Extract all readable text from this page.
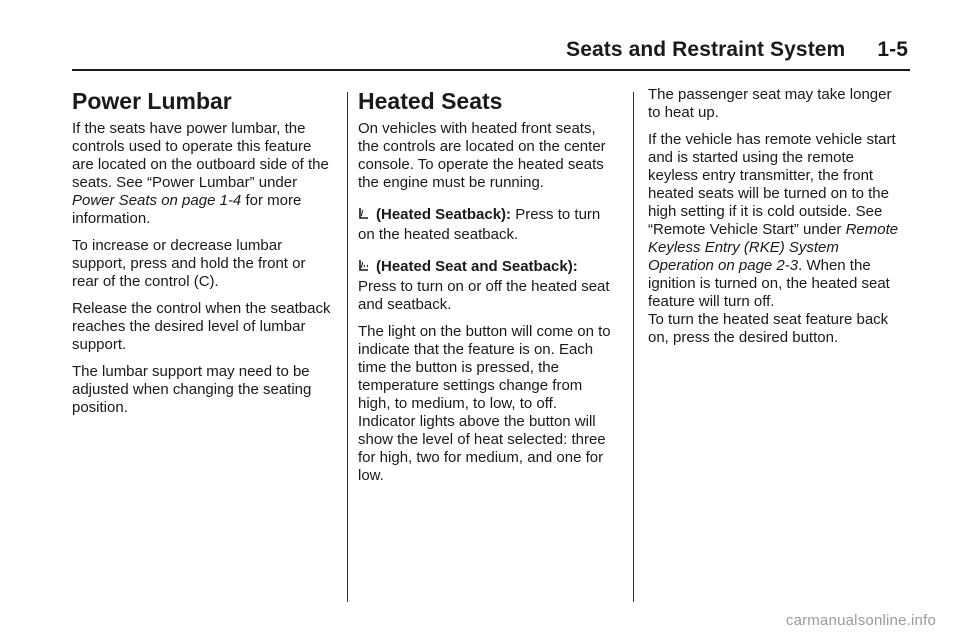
Seats and Restraint System 1-5
Power Lumbar

If the seats have power lumbar, the controls used to operate this feature are located on the outboard side of the seats. See “Power Lumbar” under Power Seats on page 1-4 for more information.

To increase or decrease lumbar support, press and hold the front or rear of the control (C).

Release the control when the seatback reaches the desired level of lumbar support.

The lumbar support may need to be adjusted when changing the seating position.

Heated Seats

On vehicles with heated front seats, the controls are located on the center console. To operate the heated seats the engine must be running.

(Heated Seatback): Press to turn on the heated seatback.

(Heated Seat and Seatback):
Press to turn on or off the heated seat and seatback.

The light on the button will come on to indicate that the feature is on. Each time the button is pressed, the temperature settings change from high, to medium, to low, to off. Indicator lights above the button will show the level of heat selected: three for high, two for medium, and one for low.

The passenger seat may take longer to heat up.

If the vehicle has remote vehicle start and is started using the remote keyless entry transmitter, the front heated seats will be turned on to the high setting if it is cold outside. See “Remote Vehicle Start” under Remote Keyless Entry (RKE) System Operation on page 2-3. When the ignition is turned on, the heated seat feature will turn off.

To turn the heated seat feature back on, press the desired button.

carmanualsonline.info
